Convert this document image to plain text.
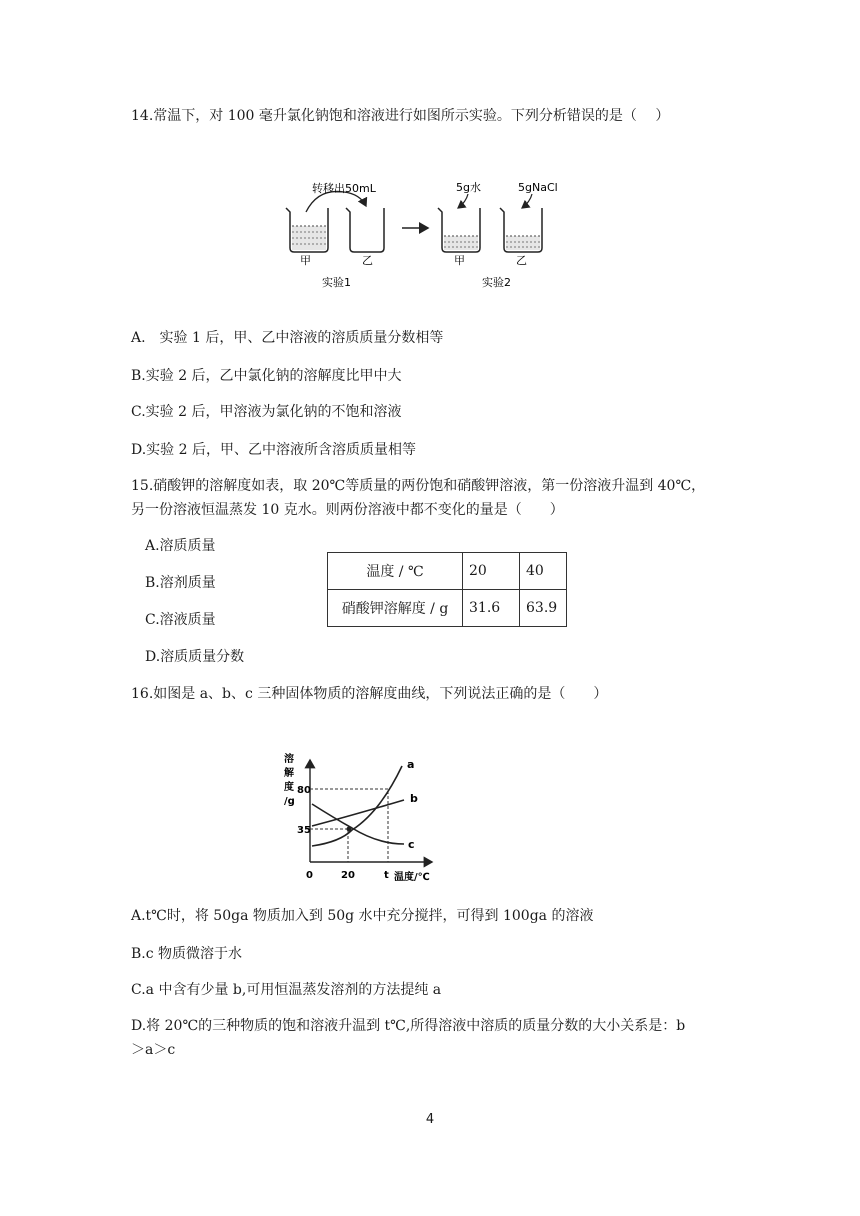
14.常温下，对 100 毫升氯化钠饱和溶液进行如图所示实验。下列分析错误的是（　 ）
转移出50mL	5g水	5gNaCl
甲	乙	甲	乙
实验1	实验2
A.　实验 1 后，甲、乙中溶液的溶质质量分数相等
B.实验 2 后，乙中氯化钠的溶解度比甲中大
C.实验 2 后，甲溶液为氯化钠的不饱和溶液
D.实验 2 后，甲、乙中溶液所含溶质质量相等
15.硝酸钾的溶解度如表，取 20℃等质量的两份饱和硝酸钾溶液，第一份溶液升温到 40℃，
另一份溶液恒温蒸发 10 克水。则两份溶液中都不变化的量是（　　）
A.溶质质量
B.溶剂质量
C.溶液质量
D.溶质质量分数
温度 / ℃	20	40
硝酸钾溶解度 / g	31.6	63.9
16.如图是 a、b、c 三种固体物质的溶解度曲线，下列说法正确的是（　　）
溶
解
度
/g
80
35
0	20	t 温度/℃
a
b
c
A.t℃时，将 50ga 物质加入到 50g 水中充分搅拌，可得到 100ga 的溶液
B.c 物质微溶于水
C.a 中含有少量 b,可用恒温蒸发溶剂的方法提纯 a
D.将 20℃的三种物质的饱和溶液升温到 t℃,所得溶液中溶质的质量分数的大小关系是：b
＞a＞c
4
